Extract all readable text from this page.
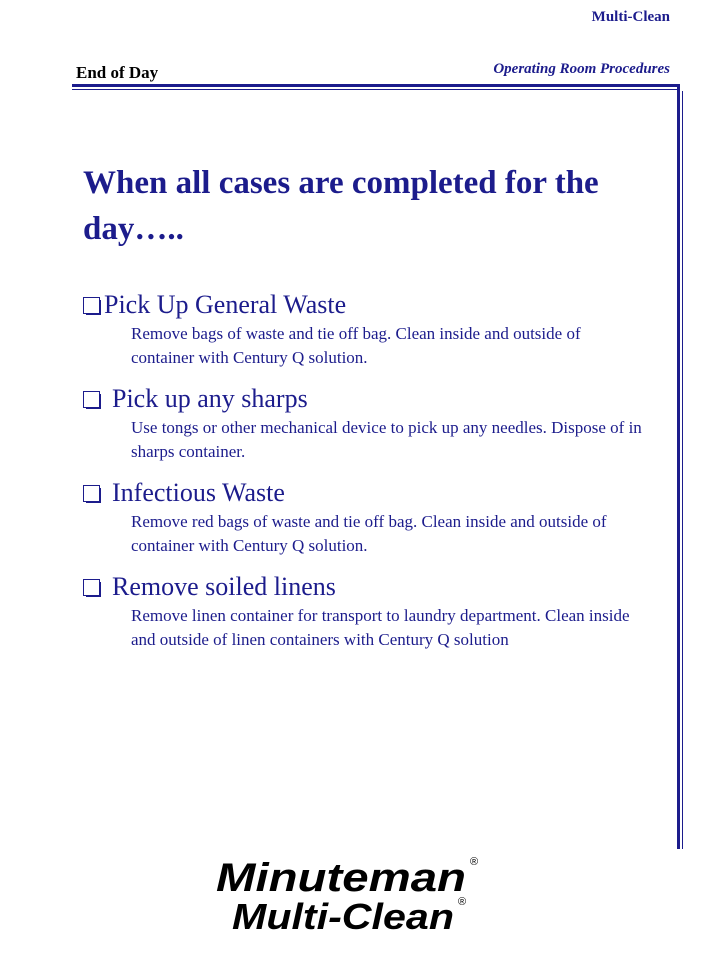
Multi-Clean
End of Day	Operating Room Procedures
When all cases are completed for the day…..
Pick Up General Waste

Remove bags of waste and tie off bag. Clean inside and outside of container with Century Q solution.

Pick up any sharps

Use tongs or other mechanical device to pick up any needles. Dispose of in sharps container.

Infectious Waste

Remove red bags of waste and tie off bag. Clean inside and outside of container with Century Q solution.

Remove soiled linens

Remove linen container for transport to laundry department. Clean inside and outside of linen containers with Century Q solution

Minuteman ®
Multi-Clean ®
